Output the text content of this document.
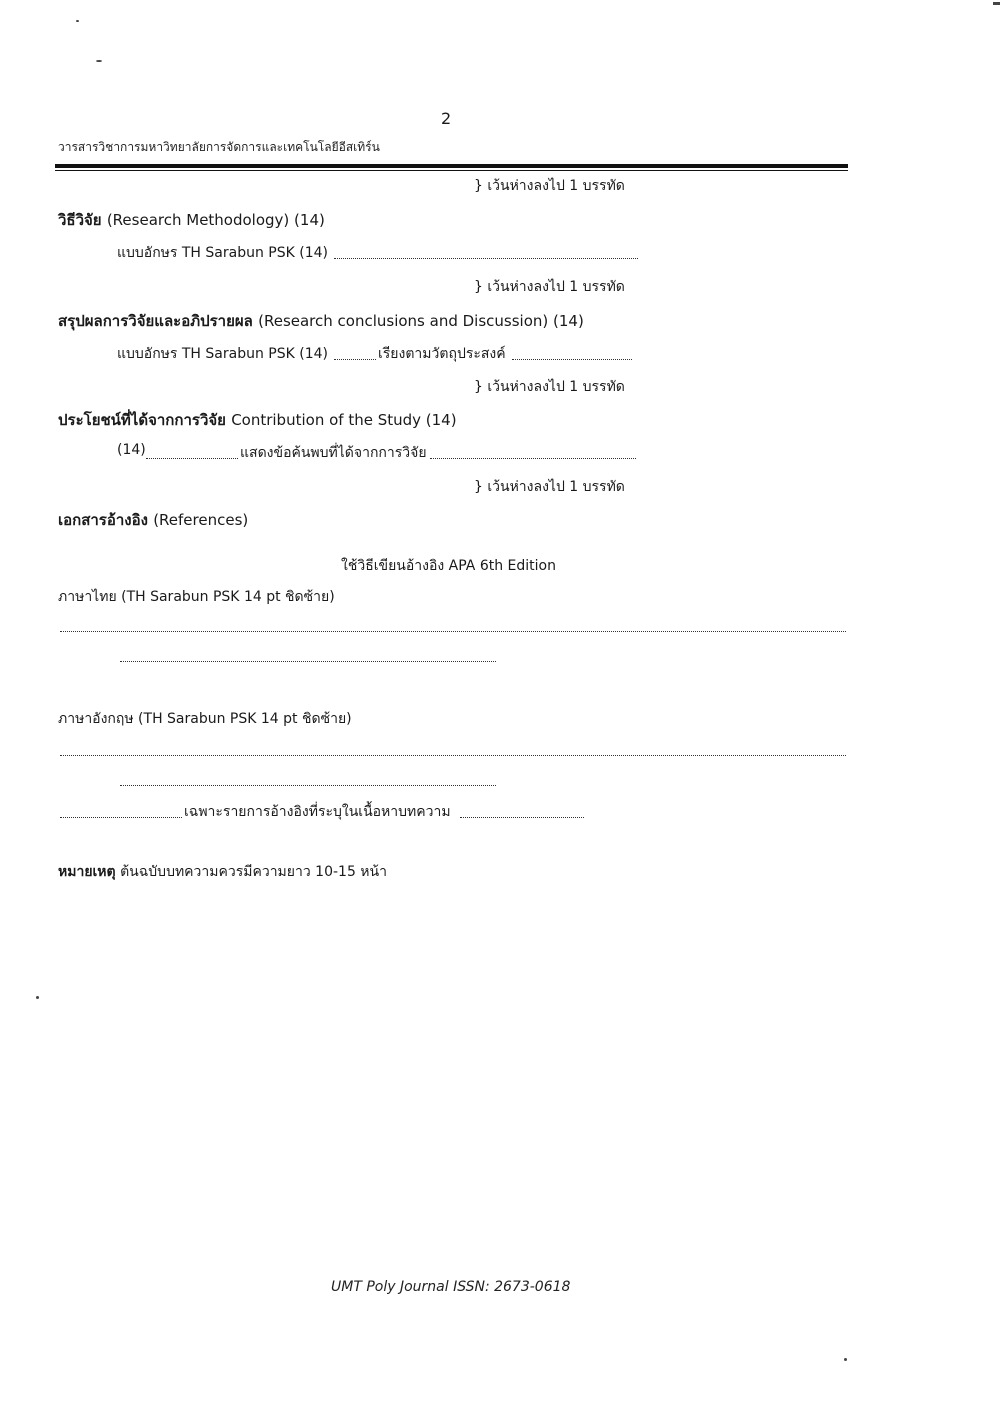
2
วารสารวิชาการมหาวิทยาลัยการจัดการและเทคโนโลยีอีสเทิร์น
} เว้นห่างลงไป 1 บรรทัด
วิธีวิจัย (Research Methodology) (14)
แบบอักษร TH Sarabun PSK (14)
} เว้นห่างลงไป 1 บรรทัด
สรุปผลการวิจัยและอภิปรายผล (Research conclusions and Discussion) (14)
แบบอักษร TH Sarabun PSK (14)	เรียงตามวัตถุประสงค์
} เว้นห่างลงไป 1 บรรทัด
ประโยชน์ที่ได้จากการวิจัย Contribution of the Study (14)
(14)	แสดงข้อค้นพบที่ได้จากการวิจัย
} เว้นห่างลงไป 1 บรรทัด
เอกสารอ้างอิง (References)
ใช้วิธีเขียนอ้างอิง APA 6th Edition
ภาษาไทย (TH Sarabun PSK 14 pt ชิดซ้าย)
ภาษาอังกฤษ (TH Sarabun PSK 14 pt ชิดซ้าย)
เฉพาะรายการอ้างอิงที่ระบุในเนื้อหาบทความ
หมายเหตุ ต้นฉบับบทความควรมีความยาว 10-15 หน้า
UMT Poly Journal ISSN: 2673-0618
